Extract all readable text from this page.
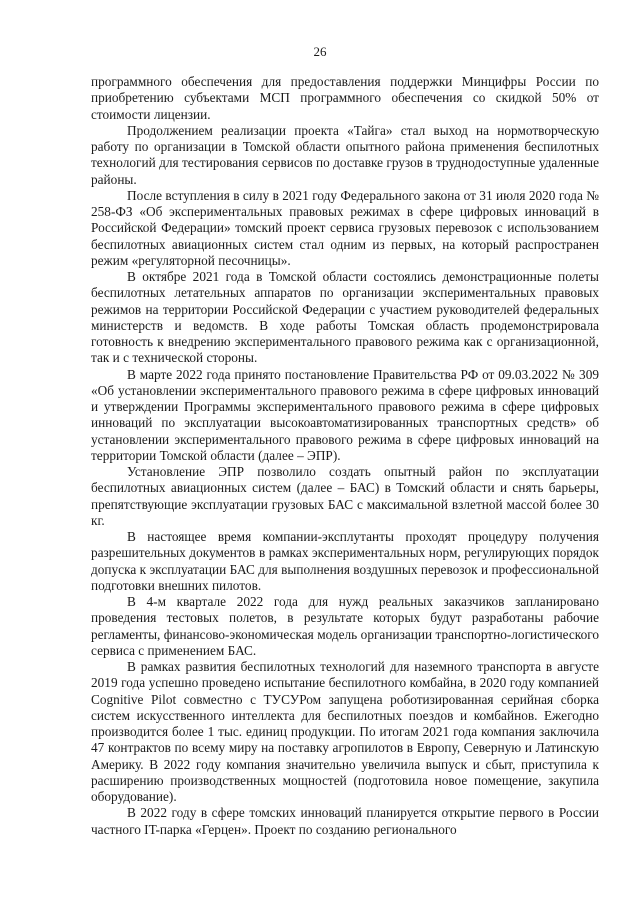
26

программного обеспечения для предоставления поддержки Минцифры России по приобретению субъектами МСП программного обеспечения со скидкой 50% от стоимости лицензии.

Продолжением реализации проекта «Тайга» стал выход на нормотворческую работу по организации в Томской области опытного района применения беспилотных технологий для тестирования сервисов по доставке грузов в труднодоступные удаленные районы.

После вступления в силу в 2021 году Федерального закона от 31 июля 2020 года № 258-ФЗ «Об экспериментальных правовых режимах в сфере цифровых инноваций в Российской Федерации» томский проект сервиса грузовых перевозок с использованием беспилотных авиационных систем стал одним из первых, на который распространен режим «регуляторной песочницы».

В октябре 2021 года в Томской области состоялись демонстрационные полеты беспилотных летательных аппаратов по организации экспериментальных правовых режимов на территории Российской Федерации с участием руководителей федеральных министерств и ведомств. В ходе работы Томская область продемонстрировала готовность к внедрению экспериментального правового режима как с организационной, так и с технической стороны.

В марте 2022 года принято постановление Правительства РФ от 09.03.2022 № 309 «Об установлении экспериментального правового режима в сфере цифровых инноваций и утверждении Программы экспериментального правового режима в сфере цифровых инноваций по эксплуатации высокоавтоматизированных транспортных средств» об установлении экспериментального правового режима в сфере цифровых инноваций на территории Томской области (далее – ЭПР).

Установление ЭПР позволило создать опытный район по эксплуатации беспилотных авиационных систем (далее – БАС) в Томский области и снять барьеры, препятствующие эксплуатации грузовых БАС с максимальной взлетной массой более 30 кг.

В настоящее время компании-эксплутанты проходят процедуру получения разрешительных документов в рамках экспериментальных норм, регулирующих порядок допуска к эксплуатации БАС для выполнения воздушных перевозок и профессиональной подготовки внешних пилотов.

В 4-м квартале 2022 года для нужд реальных заказчиков запланировано проведения тестовых полетов, в результате которых будут разработаны рабочие регламенты, финансово-экономическая модель организации транспортно-логистического сервиса с применением БАС.

В рамках развития беспилотных технологий для наземного транспорта в августе 2019 года успешно проведено испытание беспилотного комбайна, в 2020 году компанией Cognitive Pilot совместно с ТУСУРом запущена роботизированная серийная сборка систем искусственного интеллекта для беспилотных поездов и комбайнов. Ежегодно производится более 1 тыс. единиц продукции. По итогам 2021 года компания заключила 47 контрактов по всему миру на поставку агропилотов в Европу, Северную и Латинскую Америку. В 2022 году компания значительно увеличила выпуск и сбыт, приступила к расширению производственных мощностей (подготовила новое помещение, закупила оборудование).

В 2022 году в сфере томских инноваций планируется открытие первого в России частного IT-парка «Герцен». Проект по созданию регионального
